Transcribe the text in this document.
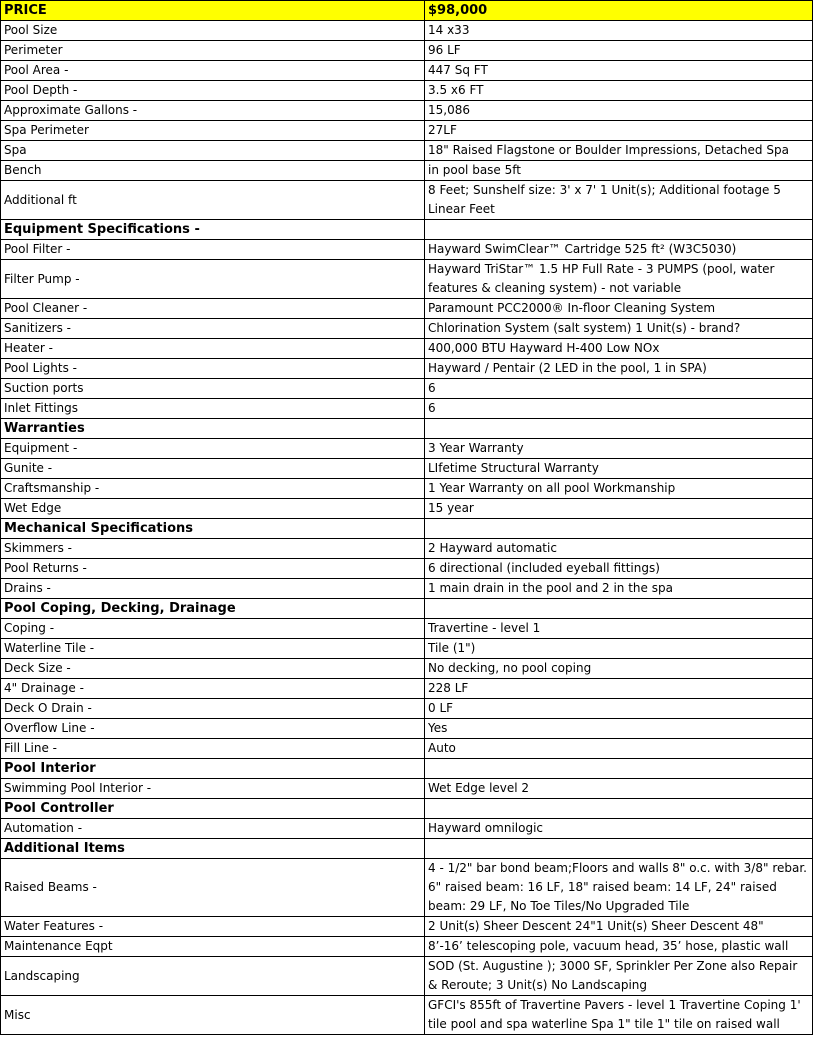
PRICE	$98,000
Pool Size	14 x33
Perimeter	96 LF
Pool Area -	447 Sq FT
Pool Depth -	3.5 x6 FT
Approximate Gallons -	15,086
Spa Perimeter	27LF
Spa	18" Raised Flagstone or Boulder Impressions, Detached Spa
Bench	in pool base 5ft
Additional ft	8 Feet; Sunshelf size: 3' x 7' 1 Unit(s); Additional footage 5 Linear Feet
Equipment Specifications -	
Pool Filter -	Hayward SwimClear™ Cartridge 525 ft² (W3C5030)
Filter Pump -	Hayward TriStar™ 1.5 HP Full Rate - 3 PUMPS (pool, water features & cleaning system) - not variable
Pool Cleaner -	Paramount PCC2000® In-floor Cleaning System
Sanitizers -	Chlorination System (salt system) 1 Unit(s) - brand?
Heater -	400,000 BTU Hayward H-400 Low NOx
Pool Lights -	Hayward / Pentair (2 LED in the pool, 1 in SPA)
Suction ports	6
Inlet Fittings	6
Warranties	
Equipment -	3 Year Warranty
Gunite -	LIfetime Structural Warranty
Craftsmanship -	1 Year Warranty on all pool Workmanship
Wet Edge	15 year
Mechanical Specifications	
Skimmers -	2 Hayward automatic
Pool Returns -	6 directional (included eyeball fittings)
Drains -	1 main drain in the pool and 2 in the spa
Pool Coping, Decking, Drainage	
Coping -	Travertine - level 1
Waterline Tile -	Tile (1")
Deck Size -	No decking, no pool coping
4" Drainage -	228 LF
Deck O Drain -	0 LF
Overflow Line -	Yes
Fill Line -	Auto
Pool Interior	
Swimming Pool Interior -	Wet Edge level 2
Pool Controller	
Automation -	Hayward omnilogic
Additional Items	
Raised Beams -	4 - 1/2" bar bond beam;Floors and walls 8" o.c. with 3/8" rebar. 6" raised beam: 16 LF, 18" raised beam: 14 LF, 24" raised beam: 29 LF, No Toe Tiles/No Upgraded Tile
Water Features -	2 Unit(s) Sheer Descent 24"1 Unit(s) Sheer Descent 48"
Maintenance Eqpt	8’-16’ telescoping pole, vacuum head, 35’ hose, plastic wall
Landscaping	SOD (St. Augustine ); 3000 SF, Sprinkler Per Zone also Repair & Reroute; 3 Unit(s) No Landscaping
Misc	GFCI's 855ft of Travertine Pavers - level 1 Travertine Coping 1' tile pool and spa waterline Spa 1" tile 1" tile on raised wall
